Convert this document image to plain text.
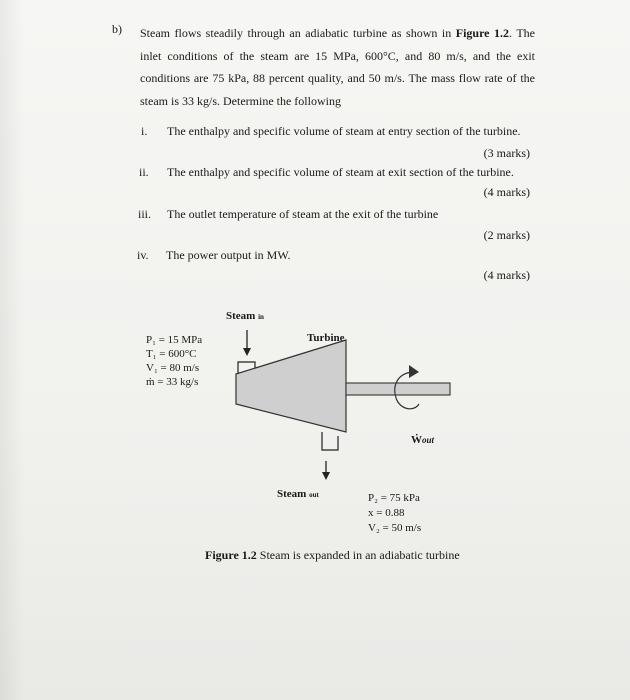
b) Steam flows steadily through an adiabatic turbine as shown in Figure 1.2. The inlet conditions of the steam are 15 MPa, 600°C, and 80 m/s, and the exit conditions are 75 kPa, 88 percent quality, and 50 m/s. The mass flow rate of the steam is 33 kg/s. Determine the following
i. The enthalpy and specific volume of steam at entry section of the turbine.
(3 marks)
ii. The enthalpy and specific volume of steam at exit section of the turbine.
(4 marks)
iii. The outlet temperature of steam at the exit of the turbine
(2 marks)
iv. The power output in MW.
(4 marks)
Steam in
Turbine
P₁ = 15 MPa
T₁ = 600°C
V₁ = 80 m/s
ṁ = 33 kg/s
Ẇout
Steam out	P₂ = 75 kPa
x = 0.88
V₂ = 50 m/s
Figure 1.2 Steam is expanded in an adiabatic turbine
